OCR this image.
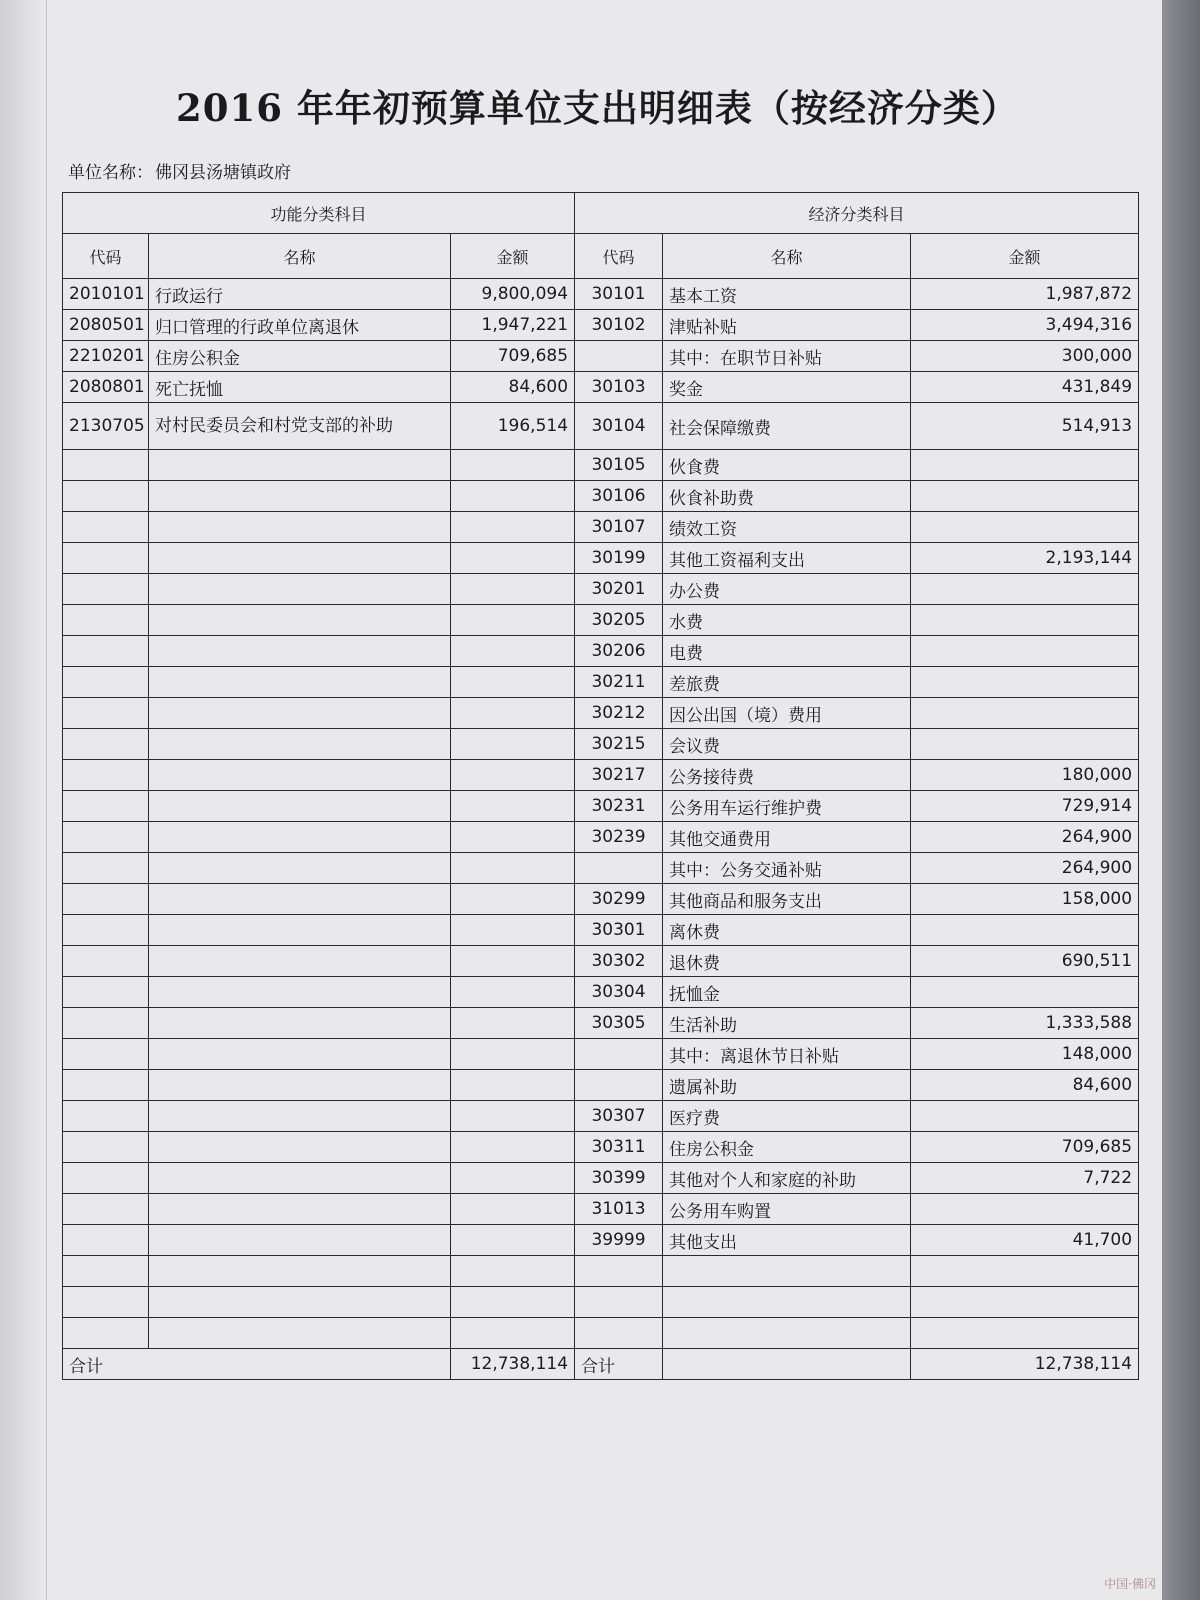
2016 年年初预算单位支出明细表（按经济分类）
单位名称： 佛冈县汤塘镇政府
功能分类科目			经济分类科目		
代码	名称	金额	代码	名称	金额
2010101	行政运行	9,800,094	30101	基本工资	1,987,872
2080501	归口管理的行政单位离退休	1,947,221	30102	津贴补贴	3,494,316
2210201	住房公积金	709,685		其中：在职节日补贴	300,000
2080801	死亡抚恤	84,600	30103	奖金	431,849
2130705	对村民委员会和村党支部的补助	196,514	30104	社会保障缴费	514,913
			30105	伙食费	
			30106	伙食补助费	
			30107	绩效工资	
			30199	其他工资福利支出	2,193,144
			30201	办公费	
			30205	水费	
			30206	电费	
			30211	差旅费	
			30212	因公出国（境）费用	
			30215	会议费	
			30217	公务接待费	180,000
			30231	公务用车运行维护费	729,914
			30239	其他交通费用	264,900
				其中：公务交通补贴	264,900
			30299	其他商品和服务支出	158,000
			30301	离休费	
			30302	退休费	690,511
			30304	抚恤金	
			30305	生活补助	1,333,588
				其中：离退休节日补贴	148,000
				遗属补助	84,600
			30307	医疗费	
			30311	住房公积金	709,685
			30399	其他对个人和家庭的补助	7,722
			31013	公务用车购置	
			39999	其他支出	41,700

合计		12,738,114	合计		12,738,114
中国·佛冈
